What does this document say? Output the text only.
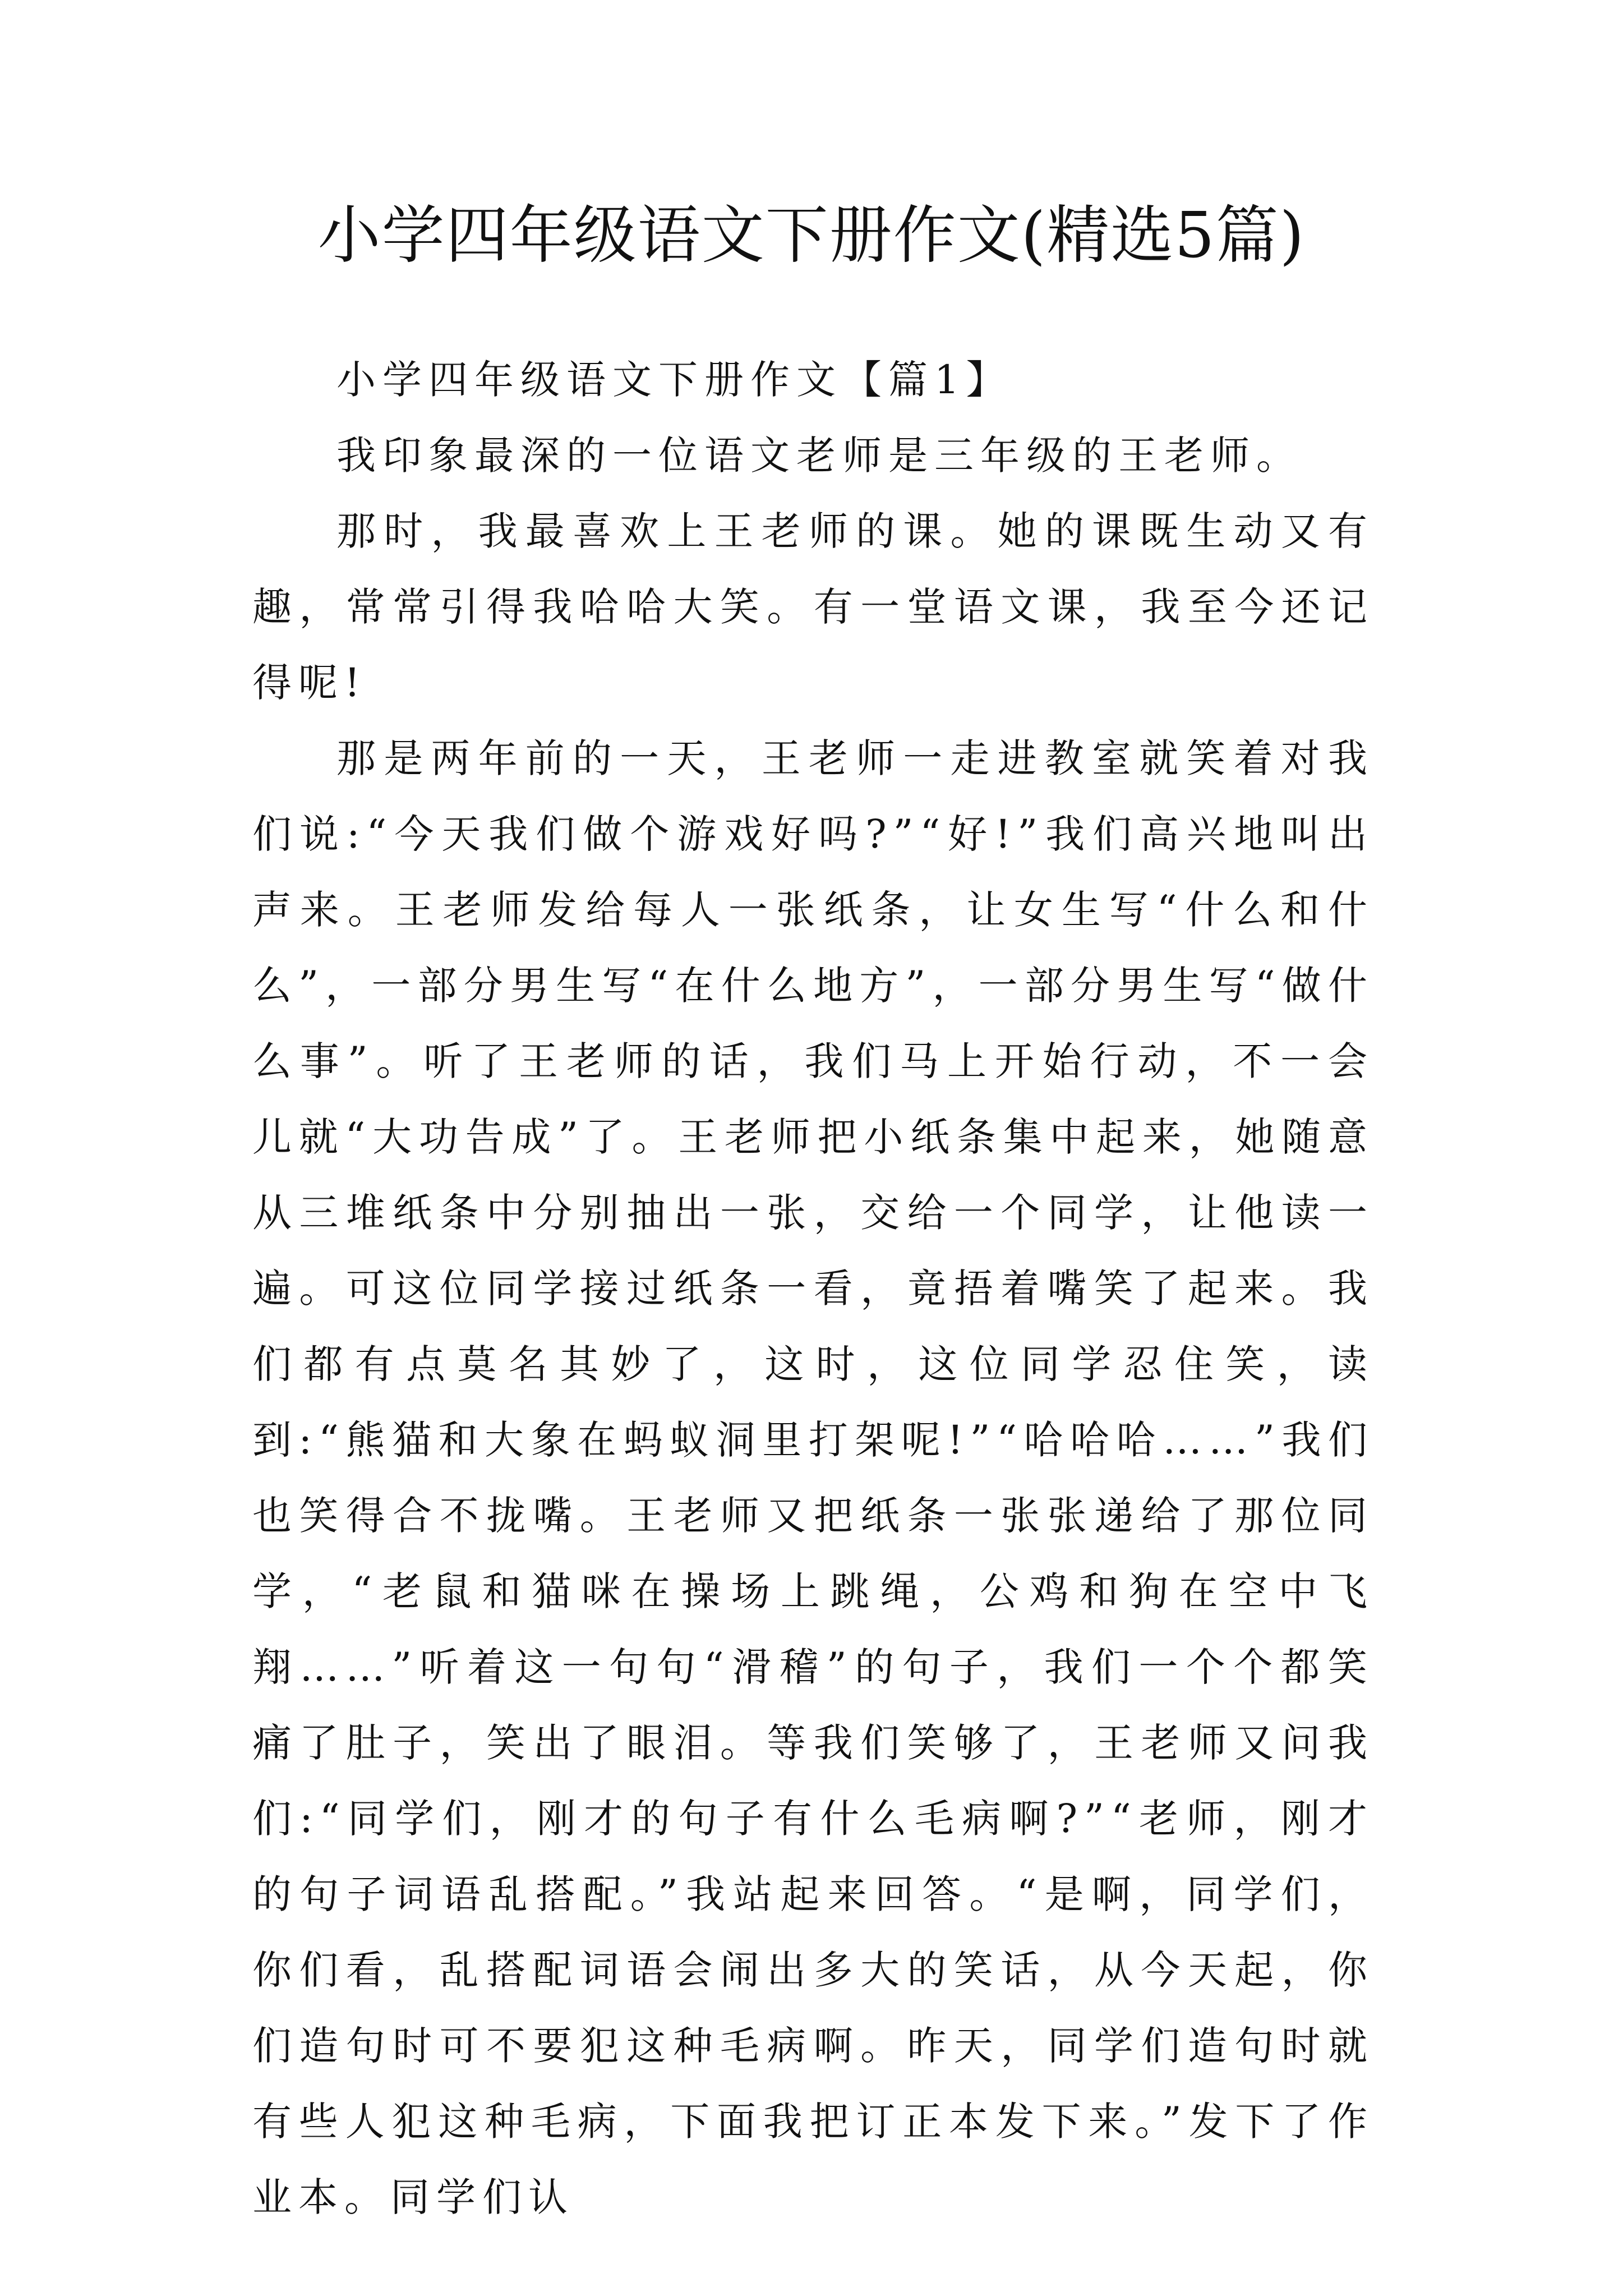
小学四年级语文下册作文(精选5篇)

小学四年级语文下册作文【篇1】

我印象最深的一位语文老师是三年级的王老师。

那时，我最喜欢上王老师的课。她的课既生动又有趣，常常引得我哈哈大笑。有一堂语文课，我至今还记得呢!

那是两年前的一天，王老师一走进教室就笑着对我们说:“今天我们做个游戏好吗?”“好!”我们高兴地叫出声来。王老师发给每人一张纸条，让女生写“什么和什么”，一部分男生写“在什么地方”，一部分男生写“做什么事”。听了王老师的话，我们马上开始行动，不一会儿就“大功告成”了。王老师把小纸条集中起来，她随意从三堆纸条中分别抽出一张，交给一个同学，让他读一遍。可这位同学接过纸条一看，竟捂着嘴笑了起来。我们都有点莫名其妙了，这时，这位同学忍住笑，读到:“熊猫和大象在蚂蚁洞里打架呢!”“哈哈哈……”我们也笑得合不拢嘴。王老师又把纸条一张张递给了那位同学，“老鼠和猫咪在操场上跳绳，公鸡和狗在空中飞翔……”听着这一句句“滑稽”的句子，我们一个个都笑痛了肚子，笑出了眼泪。等我们笑够了，王老师又问我们:“同学们，刚才的句子有什么毛病啊?”“老师，刚才的句子词语乱搭配。”我站起来回答。“是啊，同学们，你们看，乱搭配词语会闹出多大的笑话，从今天起，你们造句时可不要犯这种毛病啊。昨天，同学们造句时就有些人犯这种毛病，下面我把订正本发下来。”发下了作业本。同学们认
